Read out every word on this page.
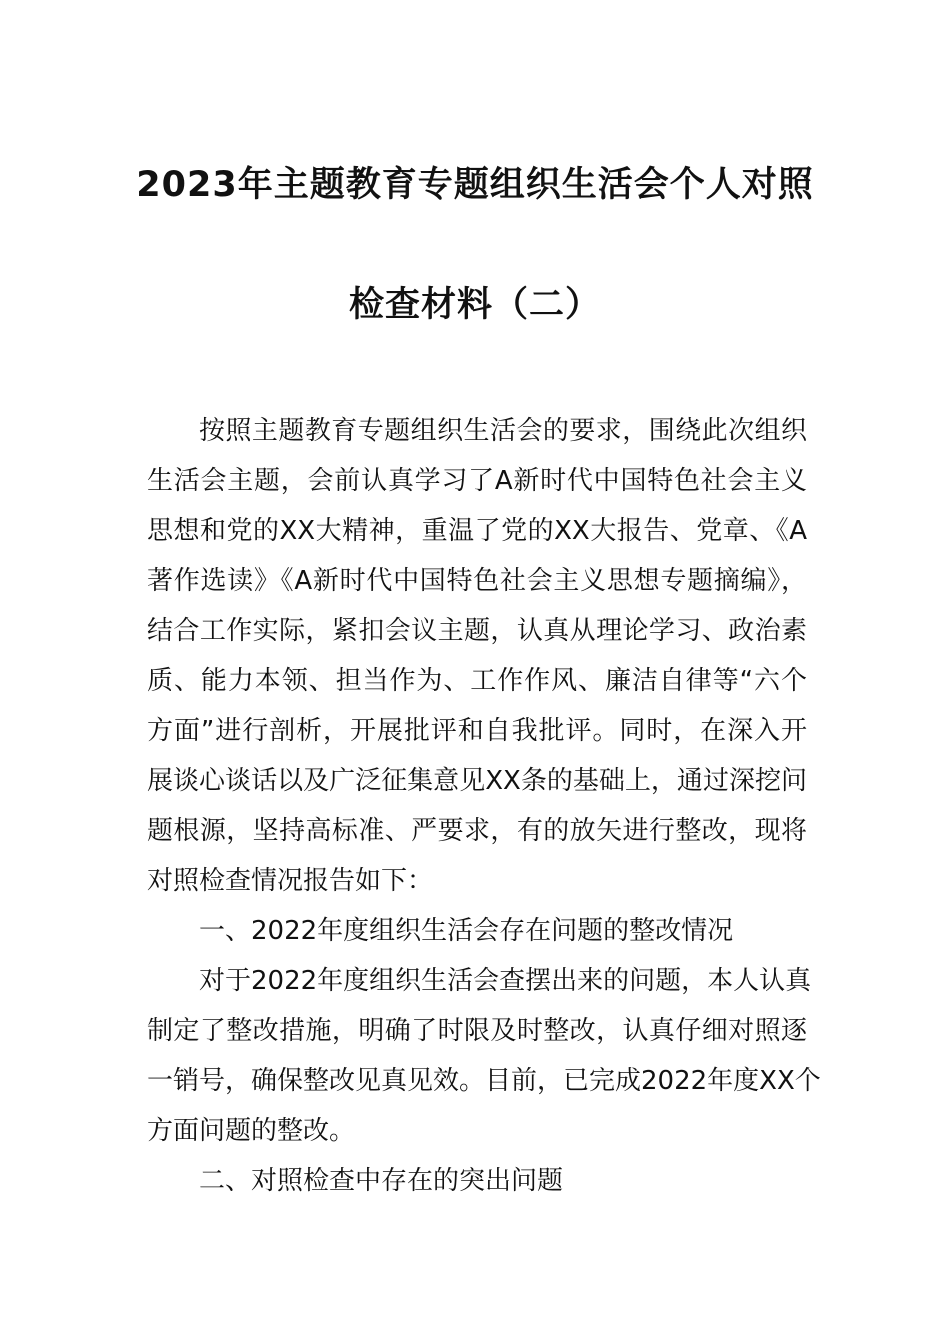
2023年主题教育专题组织生活会个人对照
检查材料（二）
按照主题教育专题组织生活会的要求，围绕此次组织
生活会主题，会前认真学习了A新时代中国特色社会主义
思想和党的XX大精神，重温了党的XX大报告、党章、《A
著作选读》《A新时代中国特色社会主义思想专题摘编》，
结合工作实际，紧扣会议主题，认真从理论学习、政治素
质、能力本领、担当作为、工作作风、廉洁自律等“六个
方面”进行剖析，开展批评和自我批评。同时，在深入开
展谈心谈话以及广泛征集意见XX条的基础上，通过深挖问
题根源，坚持高标准、严要求，有的放矢进行整改，现将
对照检查情况报告如下：
一、2022年度组织生活会存在问题的整改情况
对于2022年度组织生活会查摆出来的问题，本人认真
制定了整改措施，明确了时限及时整改，认真仔细对照逐
一销号，确保整改见真见效。目前，已完成2022年度XX个
方面问题的整改。
二、对照检查中存在的突出问题
